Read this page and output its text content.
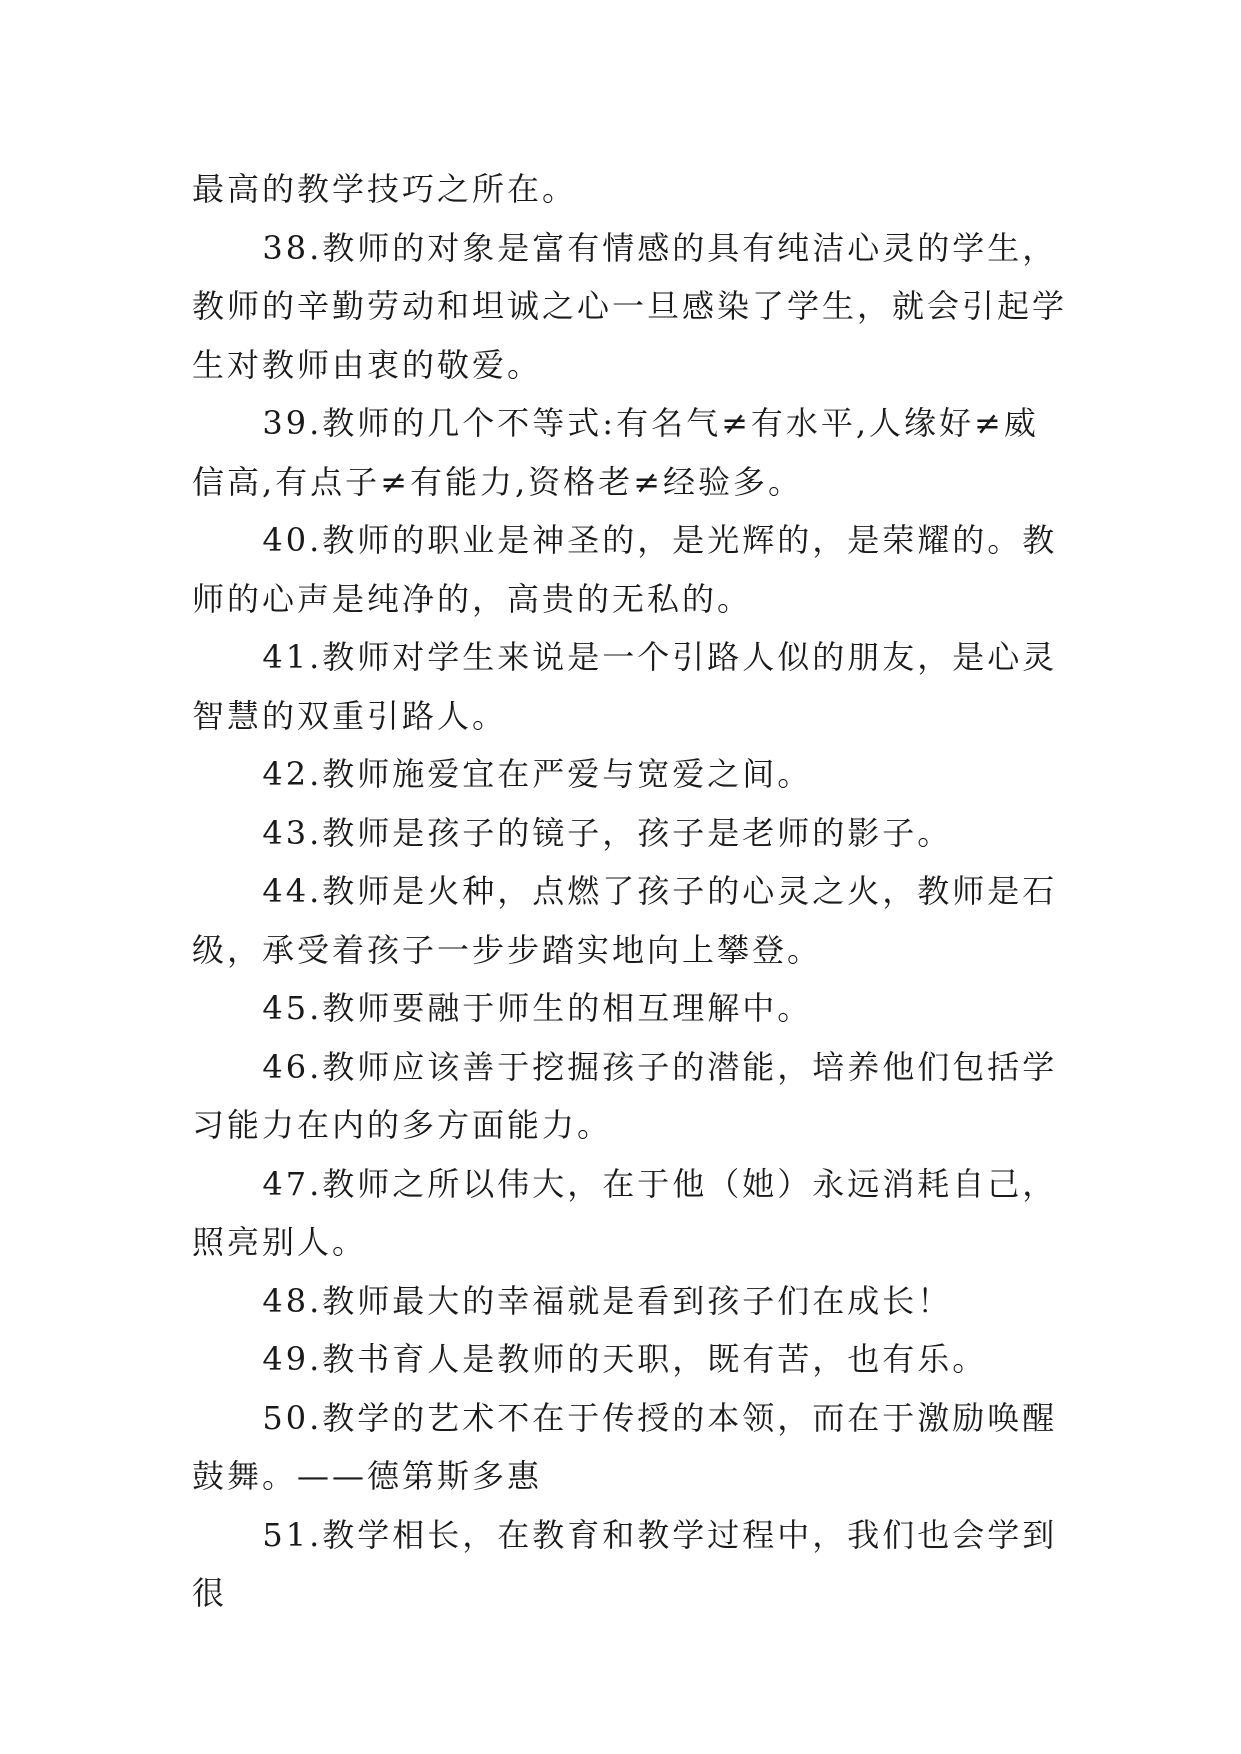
最高的教学技巧之所在。

38.教师的对象是富有情感的具有纯洁心灵的学生，教师的辛勤劳动和坦诚之心一旦感染了学生，就会引起学生对教师由衷的敬爱。

39.教师的几个不等式:有名气≠有水平,人缘好≠威信高,有点子≠有能力,资格老≠经验多。

40.教师的职业是神圣的，是光辉的，是荣耀的。教师的心声是纯净的，高贵的无私的。

41.教师对学生来说是一个引路人似的朋友，是心灵智慧的双重引路人。

42.教师施爱宜在严爱与宽爱之间。

43.教师是孩子的镜子，孩子是老师的影子。

44.教师是火种，点燃了孩子的心灵之火，教师是石级，承受着孩子一步步踏实地向上攀登。

45.教师要融于师生的相互理解中。

46.教师应该善于挖掘孩子的潜能，培养他们包括学习能力在内的多方面能力。

47.教师之所以伟大，在于他（她）永远消耗自己，照亮别人。

48.教师最大的幸福就是看到孩子们在成长！

49.教书育人是教师的天职，既有苦，也有乐。

50.教学的艺术不在于传授的本领，而在于激励唤醒鼓舞。——德第斯多惠

51.教学相长，在教育和教学过程中，我们也会学到很
